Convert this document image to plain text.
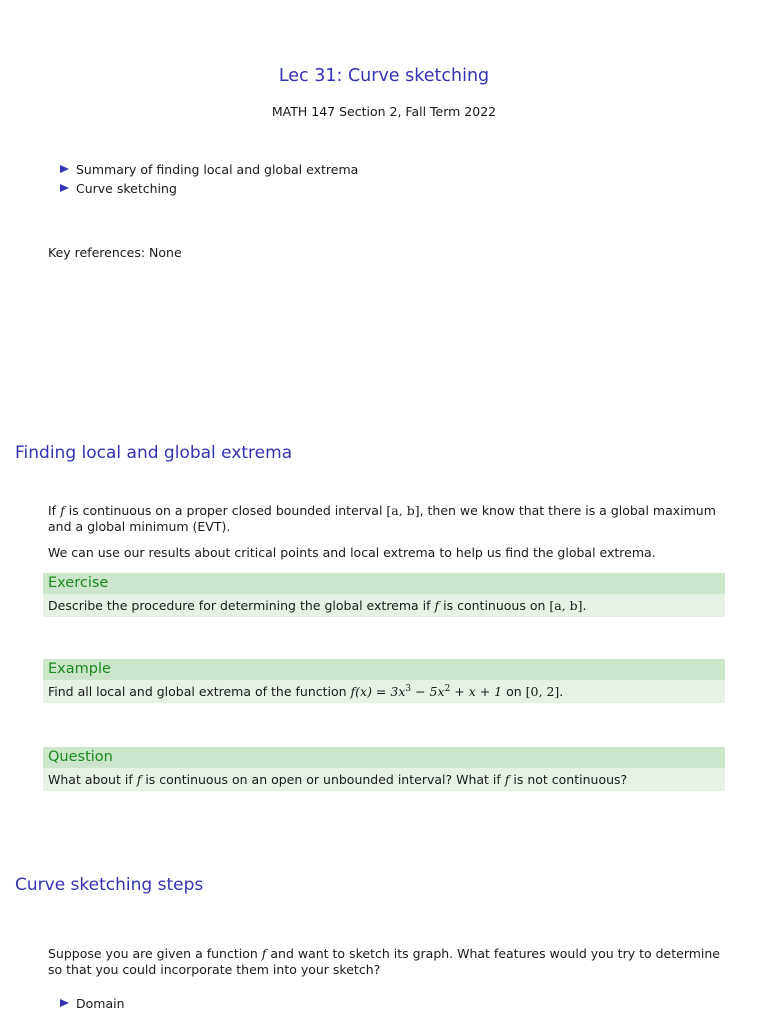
Lec 31: Curve sketching
MATH 147 Section 2, Fall Term 2022
Summary of finding local and global extrema
Curve sketching
Key references: None
Finding local and global extrema
If f is continuous on a proper closed bounded interval [a, b], then we know that there is a global maximum and a global minimum (EVT).
We can use our results about critical points and local extrema to help us find the global extrema.
Exercise
Describe the procedure for determining the global extrema if f is continuous on [a, b].
Example
Find all local and global extrema of the function $f(x) = 3x^3 - 5x^2 + x + 1$ on [0, 2].
Question
What about if f is continuous on an open or unbounded interval? What if f is not continuous?
Curve sketching steps
Suppose you are given a function f and want to sketch its graph. What features would you try to determine so that you could incorporate them into your sketch?
Domain
